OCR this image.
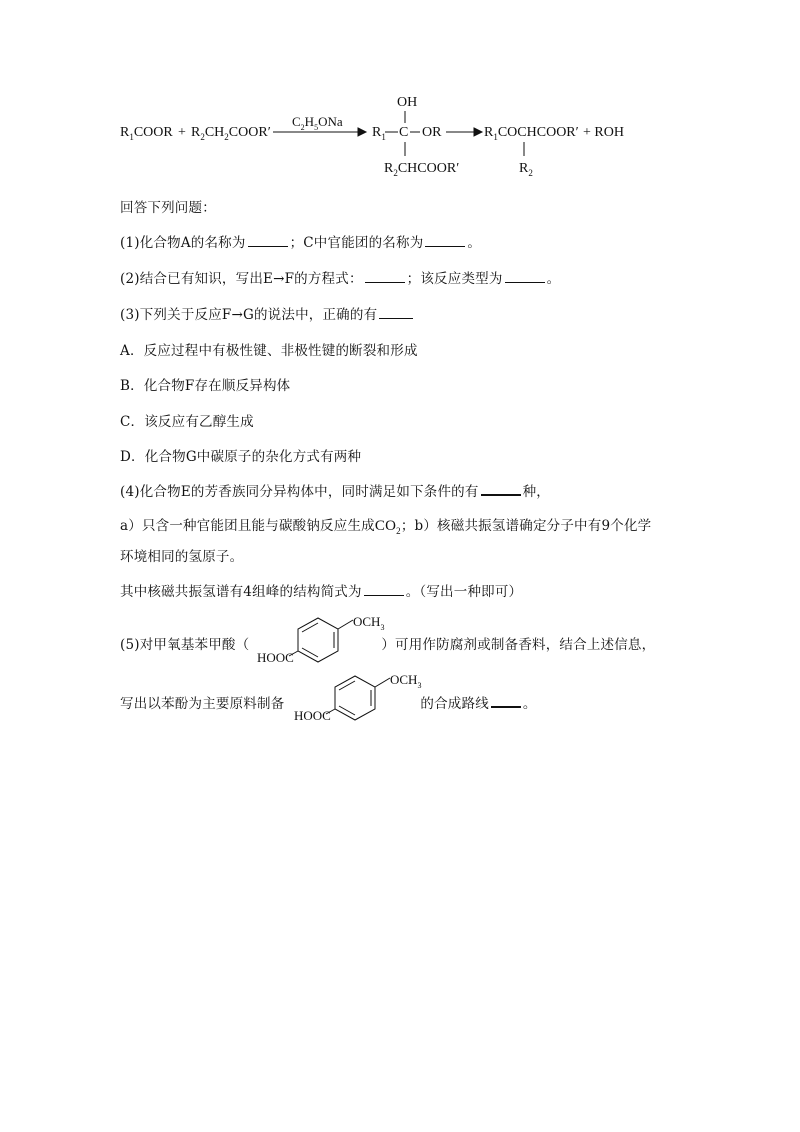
$R_1COOR$ + $R_2CH_2COOR'$
$C_2H_5ONa$
OH
$R_1$ C OR
$R_2CHCOOR'$
$R_1COCHCOOR'$ + ROH
$R_2$
回答下列问题：
(1)化合物A的名称为	；C中官能团的名称为	。
(2)结合已有知识，写出E→F的方程式：	；该反应类型为	。
(3)下列关于反应F→G的说法中，正确的有
A．反应过程中有极性键、非极性键的断裂和形成
B．化合物F存在顺反异构体
C．该反应有乙醇生成
D．化合物G中碳原子的杂化方式有两种
(4)化合物E的芳香族同分异构体中，同时满足如下条件的有	种，
a）只含一种官能团且能与碳酸钠反应生成$CO_2$；b）核磁共振氢谱确定分子中有9个化学
环境相同的氢原子。
其中核磁共振氢谱有4组峰的结构简式为	。（写出一种即可）
(5)对甲氧基苯甲酸（	）可用作防腐剂或制备香料，结合上述信息，
$OCH_3$
HOOC
写出以苯酚为主要原料制备	的合成路线	。
$OCH_3$
HOOC
